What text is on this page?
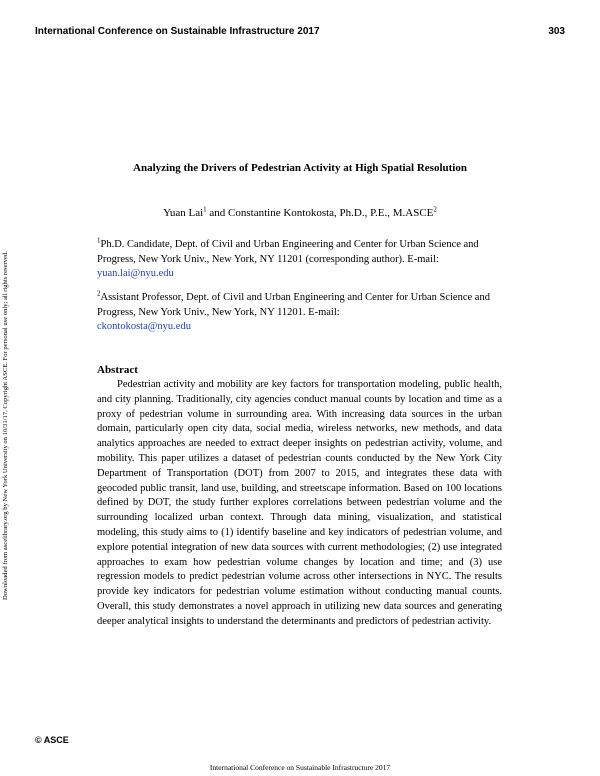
International Conference on Sustainable Infrastructure 2017	303
Downloaded from ascelibrary.org by New York University on 10/31/17. Copyright ASCE. For personal use only; all rights reserved.
Analyzing the Drivers of Pedestrian Activity at High Spatial Resolution
Yuan Lai$^1$ and Constantine Kontokosta, Ph.D., P.E., M.ASCE$^2$
$^1$Ph.D. Candidate, Dept. of Civil and Urban Engineering and Center for Urban Science and Progress, New York Univ., New York, NY 11201 (corresponding author). E-mail:
yuan.lai@nyu.edu
$^2$Assistant Professor, Dept. of Civil and Urban Engineering and Center for Urban Science and Progress, New York Univ., New York, NY 11201. E-mail:
ckontokosta@nyu.edu
Abstract
Pedestrian activity and mobility are key factors for transportation modeling, public health, and city planning. Traditionally, city agencies conduct manual counts by location and time as a proxy of pedestrian volume in surrounding area. With increasing data sources in the urban domain, particularly open city data, social media, wireless networks, new methods, and data analytics approaches are needed to extract deeper insights on pedestrian activity, volume, and mobility. This paper utilizes a dataset of pedestrian counts conducted by the New York City Department of Transportation (DOT) from 2007 to 2015, and integrates these data with geocoded public transit, land use, building, and streetscape information. Based on 100 locations defined by DOT, the study further explores correlations between pedestrian volume and the surrounding localized urban context. Through data mining, visualization, and statistical modeling, this study aims to (1) identify baseline and key indicators of pedestrian volume, and explore potential integration of new data sources with current methodologies; (2) use integrated approaches to exam how pedestrian volume changes by location and time; and (3) use regression models to predict pedestrian volume across other intersections in NYC. The results provide key indicators for pedestrian volume estimation without conducting manual counts. Overall, this study demonstrates a novel approach in utilizing new data sources and generating deeper analytical insights to understand the determinants and predictors of pedestrian activity.
© ASCE
International Conference on Sustainable Infrastructure 2017
